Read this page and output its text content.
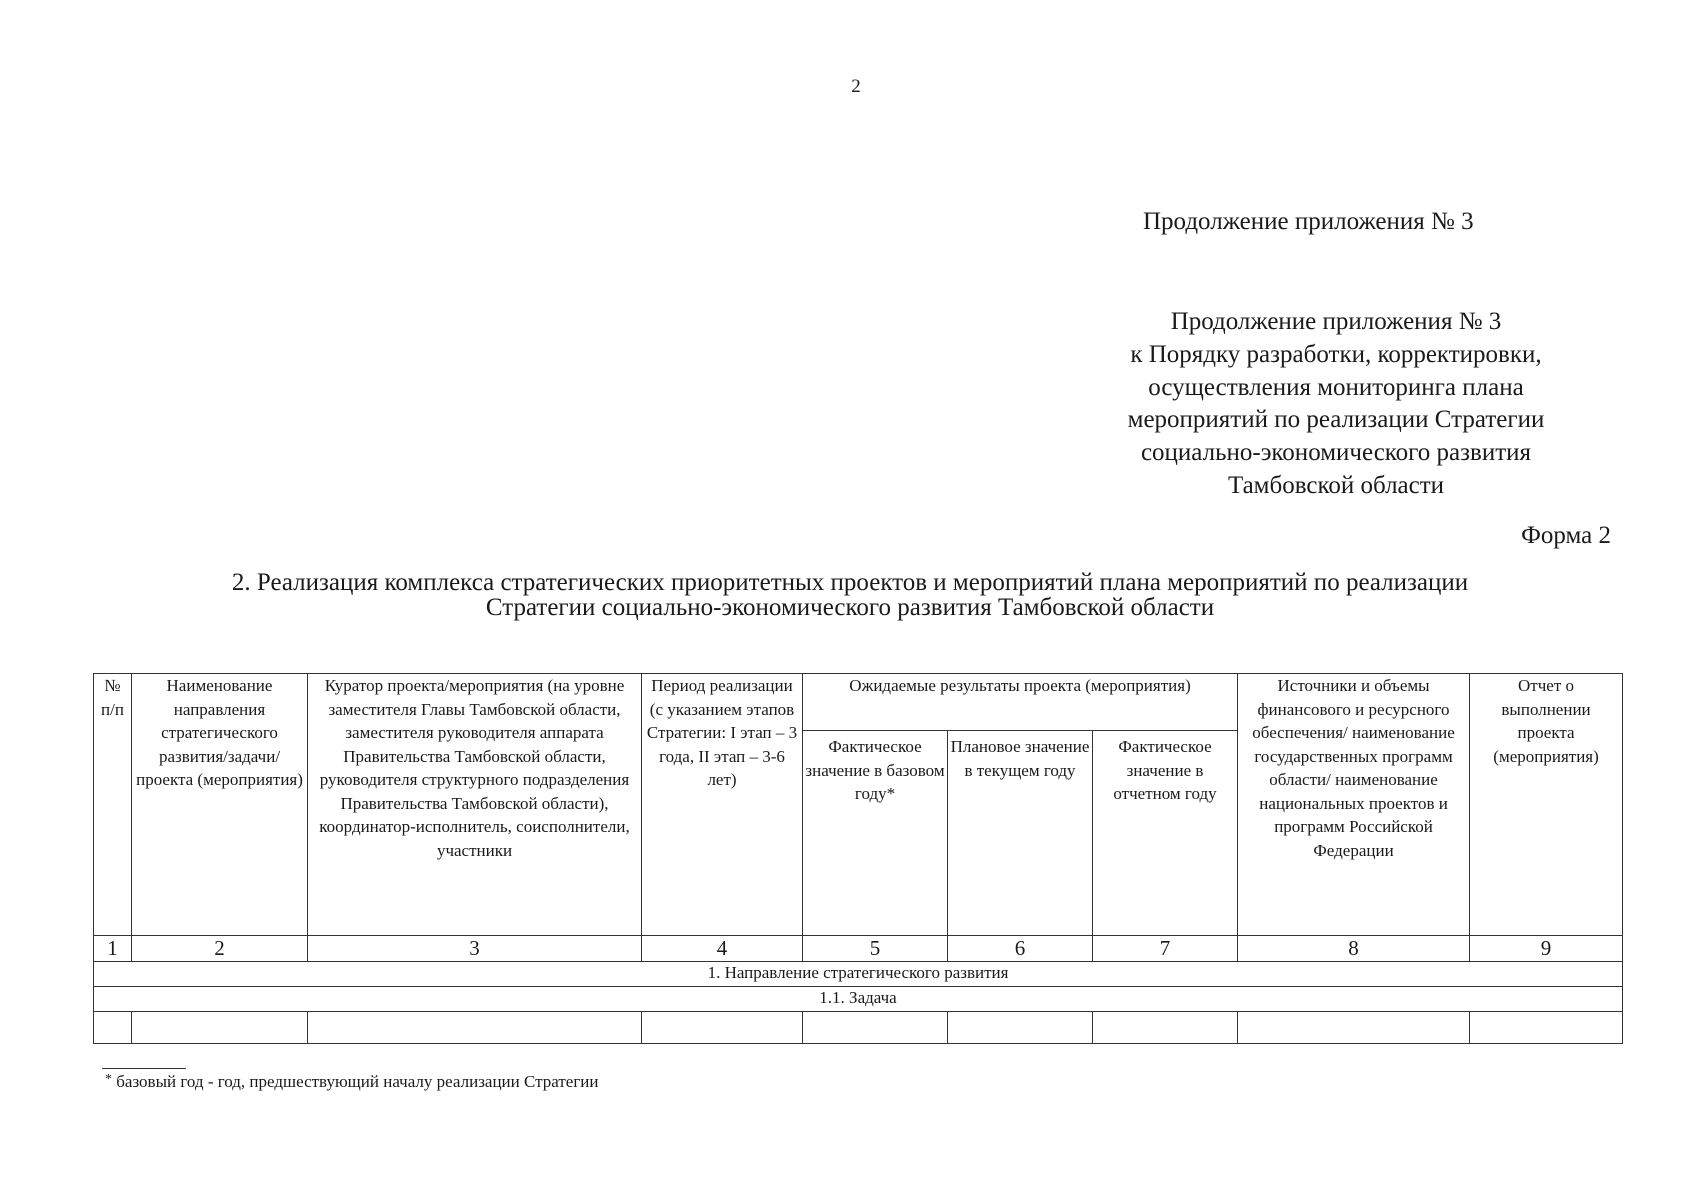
2
Продолжение приложения № 3
Продолжение приложения № 3
к Порядку разработки, корректировки,
осуществления мониторинга плана
мероприятий по реализации Стратегии
социально-экономического развития
Тамбовской области
Форма 2
2. Реализация комплекса стратегических приоритетных проектов и мероприятий плана мероприятий по реализации
Стратегии социально-экономического развития Тамбовской области
№ п/п	Наименование направления стратегического развития/задачи/ проекта (мероприятия)	Куратор проекта/мероприятия (на уровне заместителя Главы Тамбовской области, заместителя руководителя аппарата Правительства Тамбовской области, руководителя структурного подразделения Правительства Тамбовской области), координатор-исполнитель, соисполнители, участники	Период реализации (с указанием этапов Стратегии: I этап – 3 года, II этап – 3-6 лет)	Ожидаемые результаты проекта (мероприятия)			Источники и объемы финансового и ресурсного обеспечения/ наименование государственных программ области/ наименование национальных проектов и программ Российской Федерации	Отчет о выполнении проекта (мероприятия)
				Фактическое значение в базовом году*	Плановое значение в текущем году	Фактическое значение в отчетном году		
1	2	3	4	5	6	7	8	9
1. Направление стратегического развития								
1.1. Задача								

* базовый год - год, предшествующий началу реализации Стратегии
